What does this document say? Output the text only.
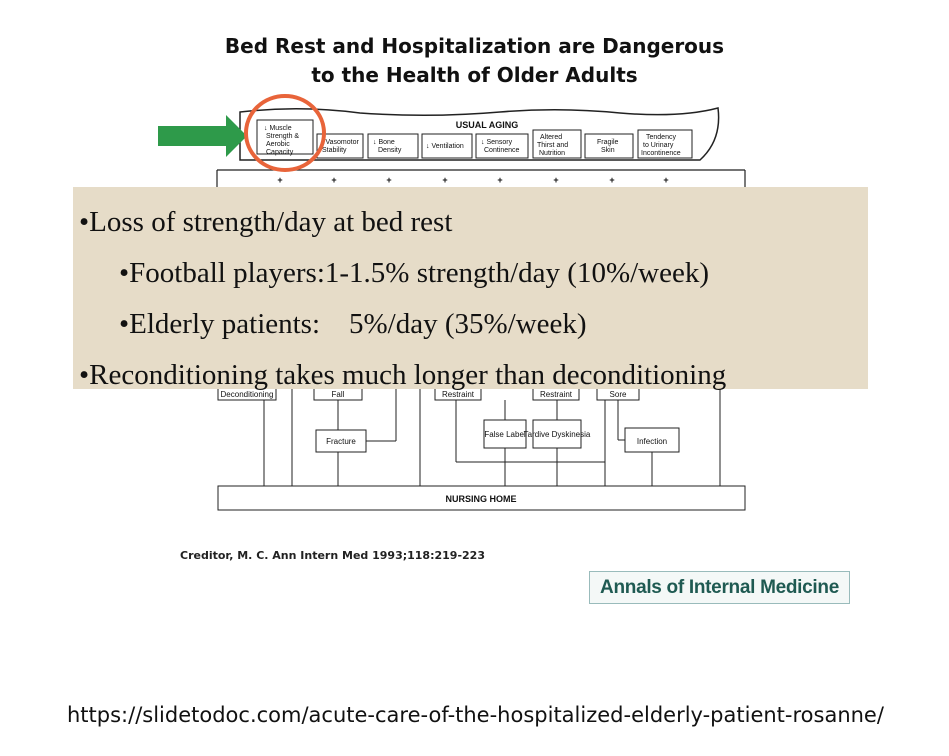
Bed Rest and Hospitalization are Dangerous
to the Health of Older Adults
USUAL AGING
↓ Muscle Strength & Aerobic Capacity
↓Vasomotor Stability
↓ Bone Density
↓ Ventilation
↓ Sensory Continence
Altered Thirst and Nutrition
Fragile Skin
Tendency to Urinary Incontinence
+	+	+	+	+	+	+	+
Deconditioning	Fall
Fracture
Restraint	Restraint
False Label
Tardive Dyskinesia
Sore
Infection
NURSING HOME
•Loss of strength/day at bed rest
•Football players:1-1.5% strength/day (10%/week)
•Elderly patients:    5%/day (35%/week)
•Reconditioning takes much longer than deconditioning
Creditor, M. C. Ann Intern Med 1993;118:219-223
Annals of Internal Medicine
https://slidetodoc.com/acute-care-of-the-hospitalized-elderly-patient-rosanne/
